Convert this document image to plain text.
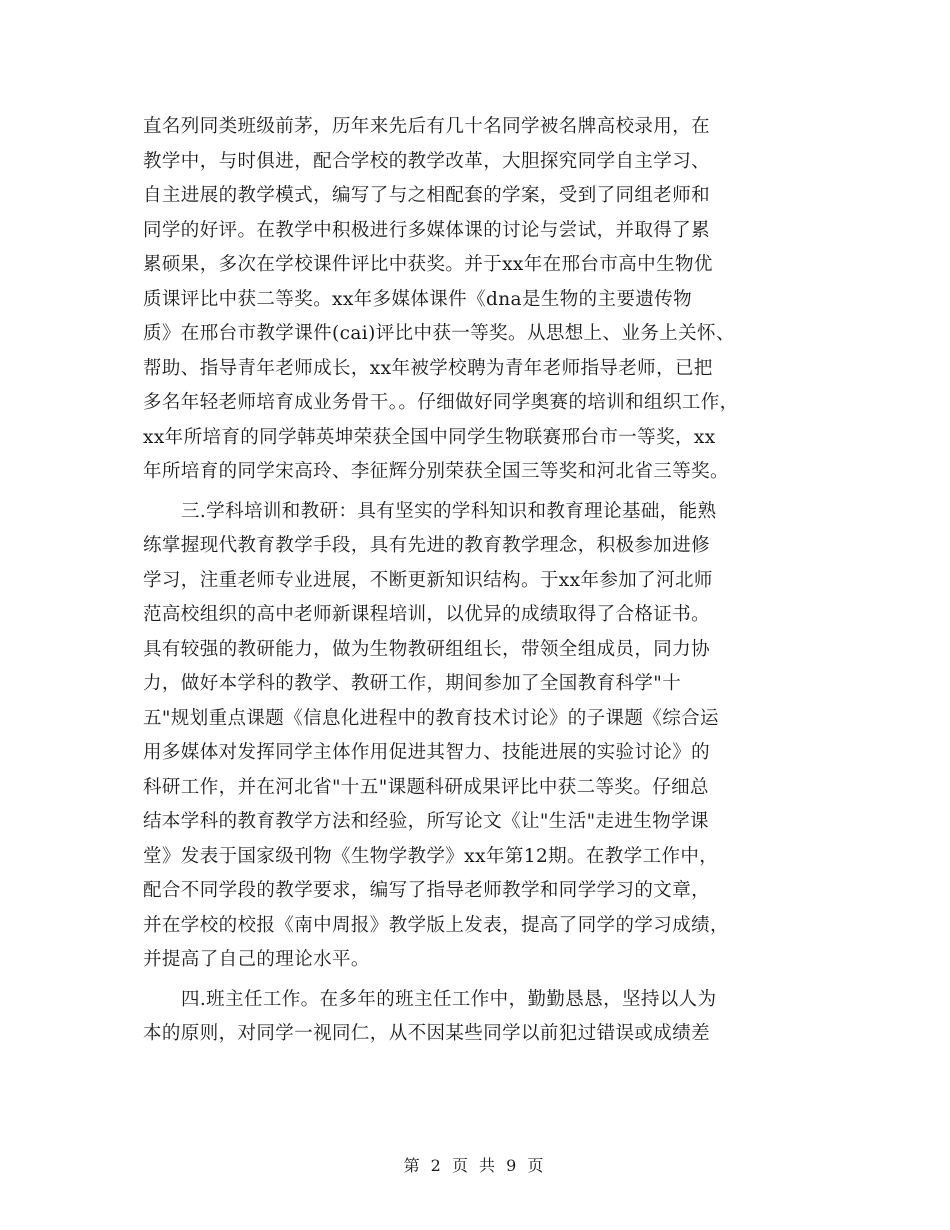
直名列同类班级前茅，历年来先后有几十名同学被名牌高校录用，在
教学中，与时俱进，配合学校的教学改革，大胆探究同学自主学习、
自主进展的教学模式，编写了与之相配套的学案，受到了同组老师和
同学的好评。在教学中积极进行多媒体课的讨论与尝试，并取得了累
累硕果，多次在学校课件评比中获奖。并于xx年在邢台市高中生物优
质课评比中获二等奖。xx年多媒体课件《dna是生物的主要遗传物
质》在邢台市教学课件(cai)评比中获一等奖。从思想上、业务上关怀、
帮助、指导青年老师成长，xx年被学校聘为青年老师指导老师，已把
多名年轻老师培育成业务骨干。。仔细做好同学奥赛的培训和组织工作，
xx年所培育的同学韩英坤荣获全国中同学生物联赛邢台市一等奖，xx
年所培育的同学宋高玲、李征辉分别荣获全国三等奖和河北省三等奖。
三.学科培训和教研：具有坚实的学科知识和教育理论基础，能熟
练掌握现代教育教学手段，具有先进的教育教学理念，积极参加进修
学习，注重老师专业进展，不断更新知识结构。于xx年参加了河北师
范高校组织的高中老师新课程培训，以优异的成绩取得了合格证书。
具有较强的教研能力，做为生物教研组组长，带领全组成员，同力协
力，做好本学科的教学、教研工作，期间参加了全国教育科学"十
五"规划重点课题《信息化进程中的教育技术讨论》的子课题《综合运
用多媒体对发挥同学主体作用促进其智力、技能进展的实验讨论》的
科研工作，并在河北省"十五"课题科研成果评比中获二等奖。仔细总
结本学科的教育教学方法和经验，所写论文《让"生活"走进生物学课
堂》发表于国家级刊物《生物学教学》xx年第12期。在教学工作中，
配合不同学段的教学要求，编写了指导老师教学和同学学习的文章，
并在学校的校报《南中周报》教学版上发表，提高了同学的学习成绩，
并提高了自己的理论水平。
四.班主任工作。在多年的班主任工作中，勤勤恳恳，坚持以人为
本的原则，对同学一视同仁，从不因某些同学以前犯过错误或成绩差
第 2 页 共 9 页
